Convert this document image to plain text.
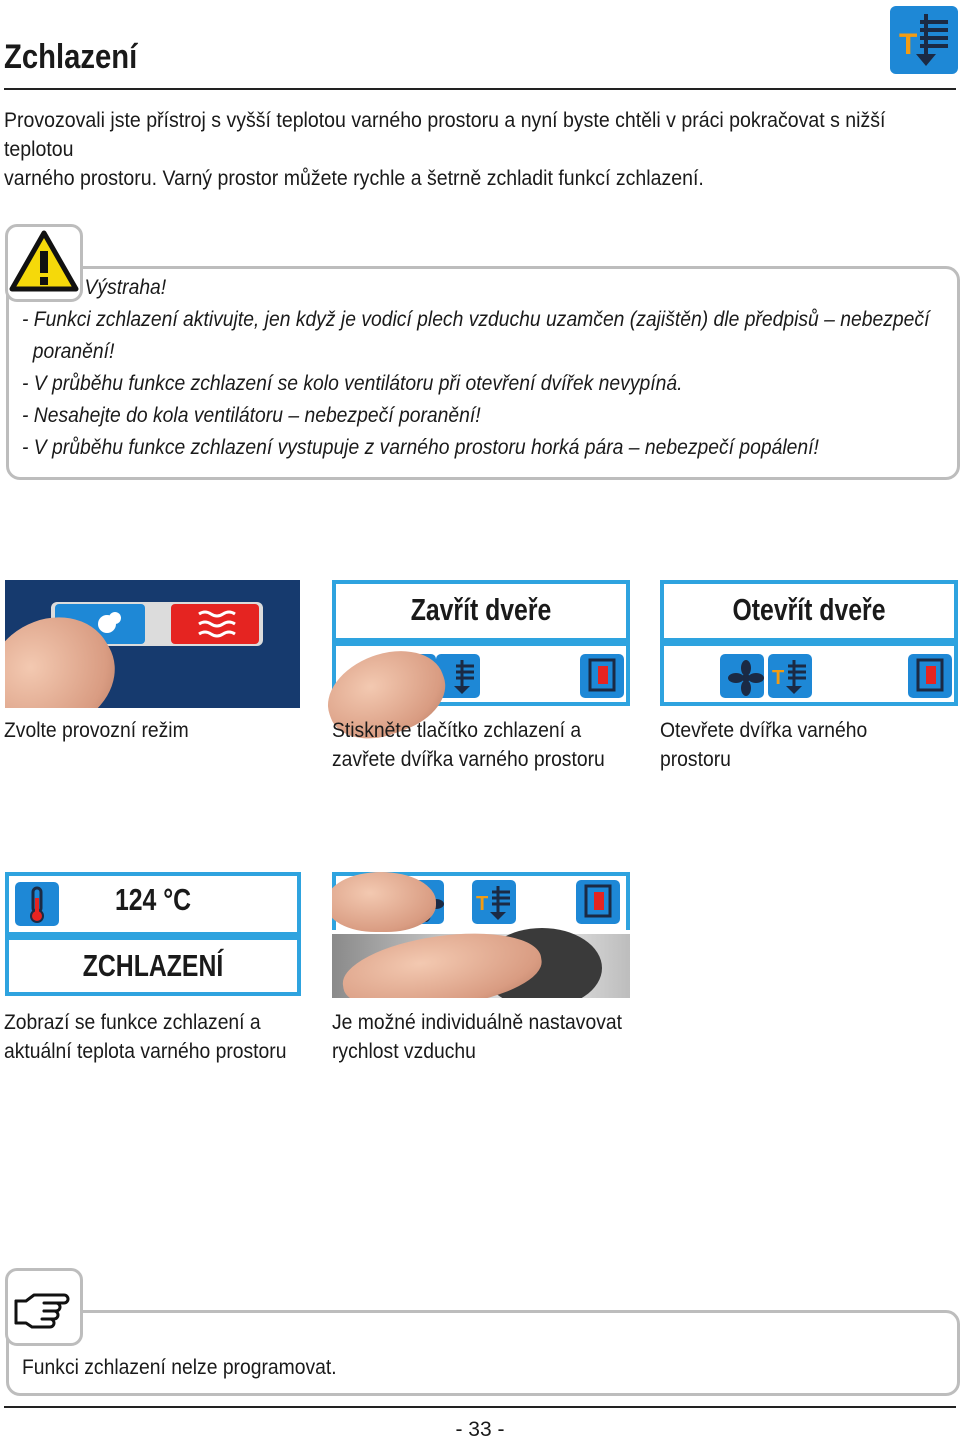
Zchlazení	T
Provozovali jste přístroj s vyšší teplotou varného prostoru a nyní byste chtěli v práci pokračovat s nižší teplotou
varného prostoru. Varný prostor můžete rychle a šetrně zchladit funkcí zchlazení.
Výstraha!
- Funkci zchlazení aktivujte, jen když je vodicí plech vzduchu uzamčen (zajištěn) dle předpisů – nebezpečí
poranění!
- V průběhu funkce zchlazení se kolo ventilátoru při otevření dvířek nevypíná.
- Nesahejte do kola ventilátoru – nebezpečí poranění!
- V průběhu funkce zchlazení vystupuje z varného prostoru horká pára – nebezpečí popálení!
Zvolte provozní režim
Zavřít dveře
Stiskněte tlačítko zchlazení a
zavřete dvířka varného prostoru
Otevřít dveře
T
Otevřete dvířka varného prostoru
124 °C
ZCHLAZENÍ
Zobrazí se funkce zchlazení a
aktuální teplota varného prostoru
T
Je možné individuálně nastavovat
rychlost vzduchu
Funkci zchlazení nelze programovat.
- 33 -
